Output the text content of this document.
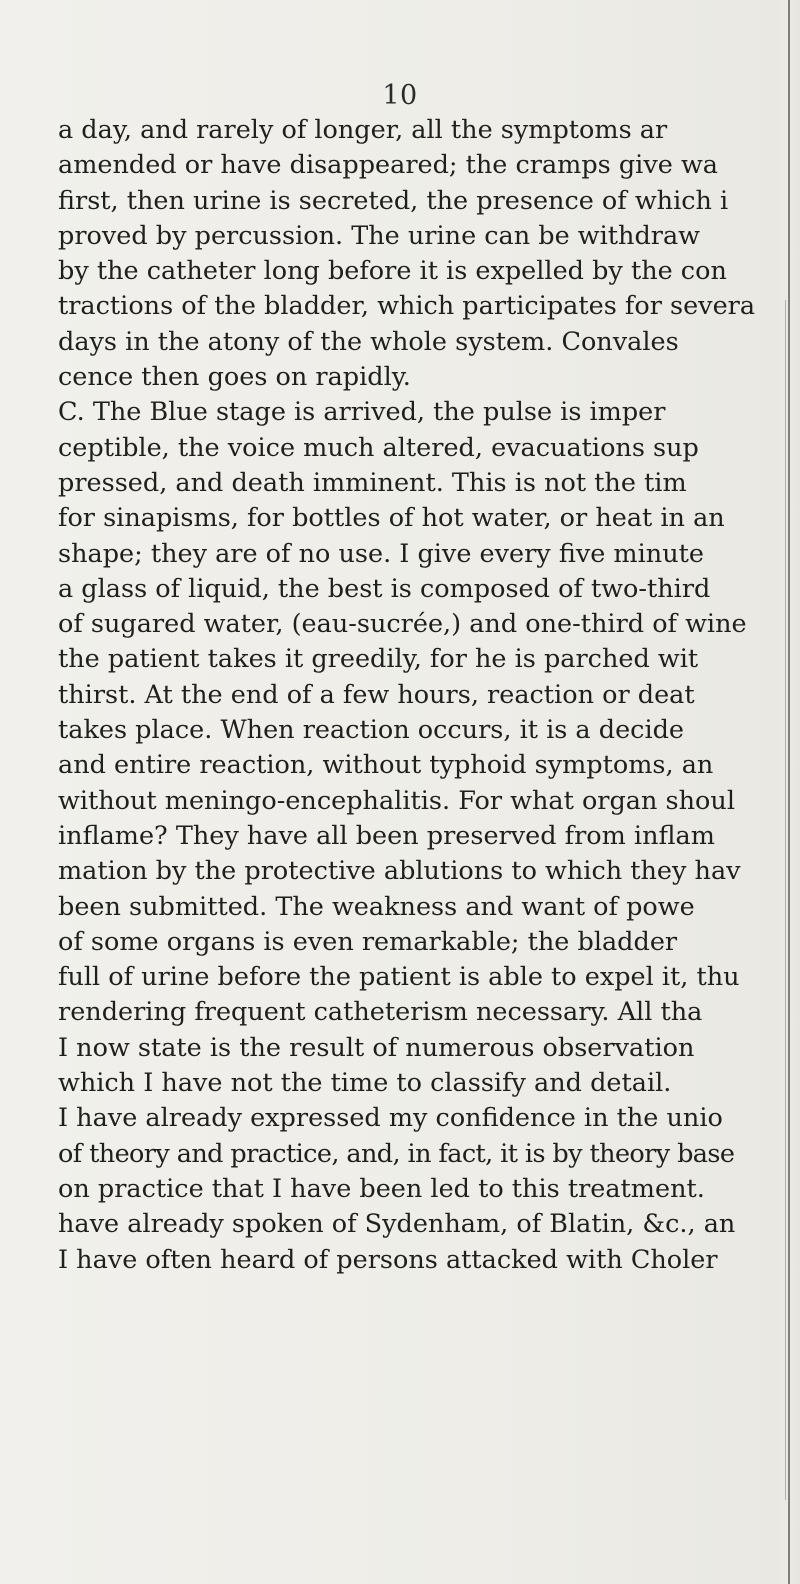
10
a day, and rarely of longer, all the symptoms ar
amended or have disappeared; the cramps give wa
first, then urine is secreted, the presence of which i
proved by percussion. The urine can be withdraw
by the catheter long before it is expelled by the con
tractions of the bladder, which participates for severa
days in the atony of the whole system. Convales
cence then goes on rapidly.
C. The Blue stage is arrived, the pulse is imper
ceptible, the voice much altered, evacuations sup
pressed, and death imminent. This is not the tim
for sinapisms, for bottles of hot water, or heat in an
shape; they are of no use. I give every five minute
a glass of liquid, the best is composed of two-third
of sugared water, (eau-sucrée,) and one-third of wine
the patient takes it greedily, for he is parched wit
thirst. At the end of a few hours, reaction or deat
takes place. When reaction occurs, it is a decide
and entire reaction, without typhoid symptoms, an
without meningo-encephalitis. For what organ shoul
inflame? They have all been preserved from inflam
mation by the protective ablutions to which they hav
been submitted. The weakness and want of powe
of some organs is even remarkable; the bladder
full of urine before the patient is able to expel it, thu
rendering frequent catheterism necessary. All tha
I now state is the result of numerous observation
which I have not the time to classify and detail.
I have already expressed my confidence in the unio
of theory and practice, and, in fact, it is by theory base
on practice that I have been led to this treatment.
have already spoken of Sydenham, of Blatin, &c., an
I have often heard of persons attacked with Choler
